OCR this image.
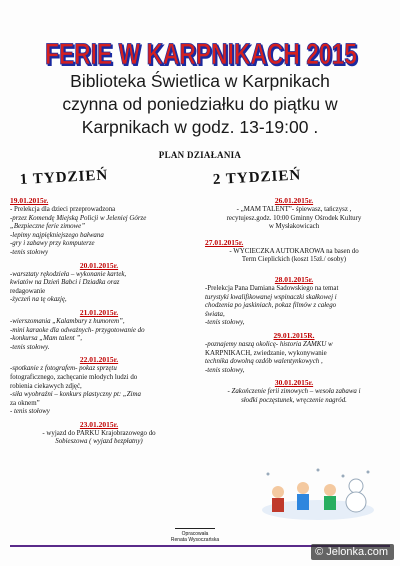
FERIE W KARPNIKACH 2015
FERIE W KARPNIKACH 2015
Biblioteka Świetlica w Karpnikach
czynna od poniedziałku do piątku w
Karpnikach w godz. 13-19:00 .
PLAN DZIAŁANIA
1 TYDZIEŃ
19.01.2015r.
- Prelekcja dla dzieci przeprowadzona
-przez Komendę Miejską Policji w Jeleniej Górze
„Bezpieczne ferie zimowe”
-lepimy najpiękniejszego bałwana
-gry i zabawy przy komputerze
-tenis stołowy
20.01.2015r.
-warsztaty rękodzieła – wykonanie kartek,
kwiatów na Dzień Babci i Dziadka oraz
redagowanie
-życzeń na tę okazję,
21.01.2015r.
-wierszomania „Kalambury z humorem”,
-mini karaoke dla odważnych- przygotowanie do
-konkursa „Mam talent ”,
-tenis stołowy.
22.01.2015r.
-spotkanie z fotografem- pokaz sprzętu
fotograficznego, zachęcanie młodych ludzi do
robienia ciekawych zdjęć,
-siła wyobraźni – konkurs plastyczny pt: „Zima
za oknem”
- tenis stołowy
23.01.2015r.
- wyjazd do PARKU Krajobrazowego do
Sobieszowa ( wyjazd bezpłatny)
2 TYDZIEŃ
26.01.2015r.
- „MAM TALENT”- śpiewasz, tańczysz ,
recytujesz.godz. 10:00 Gminny Ośrodek Kultury
w Mysłakowicach
27.01.2015r.
- WYCIECZKA AUTOKAROWA na basen do
Term Cieplickich (koszt 15zł./ osoby)
28.01.2015r.
-Prelekcja Pana Damiana Sadowskiego na temat
turystyki kwalifikowanej wspinaczki skałkowej i
chodzenia po jaskiniach, pokaz filmów z całego
świata,
-tenis stołowy,
29.01.2015R.
-poznajemy naszą okolicę- historia ZAMKU w
KARPNIKACH, zwiedzanie, wykonywanie
technika dowolną ozdób walentynkowych ,
-tenis stołowy,
30.01.2015r.
- Zakończenie ferii zimowych – wesoła zabawa i
słodki poczęstunek, wręczenie nagród.
Opracowała
Renata Wysoczańska
© Jelonka.com
